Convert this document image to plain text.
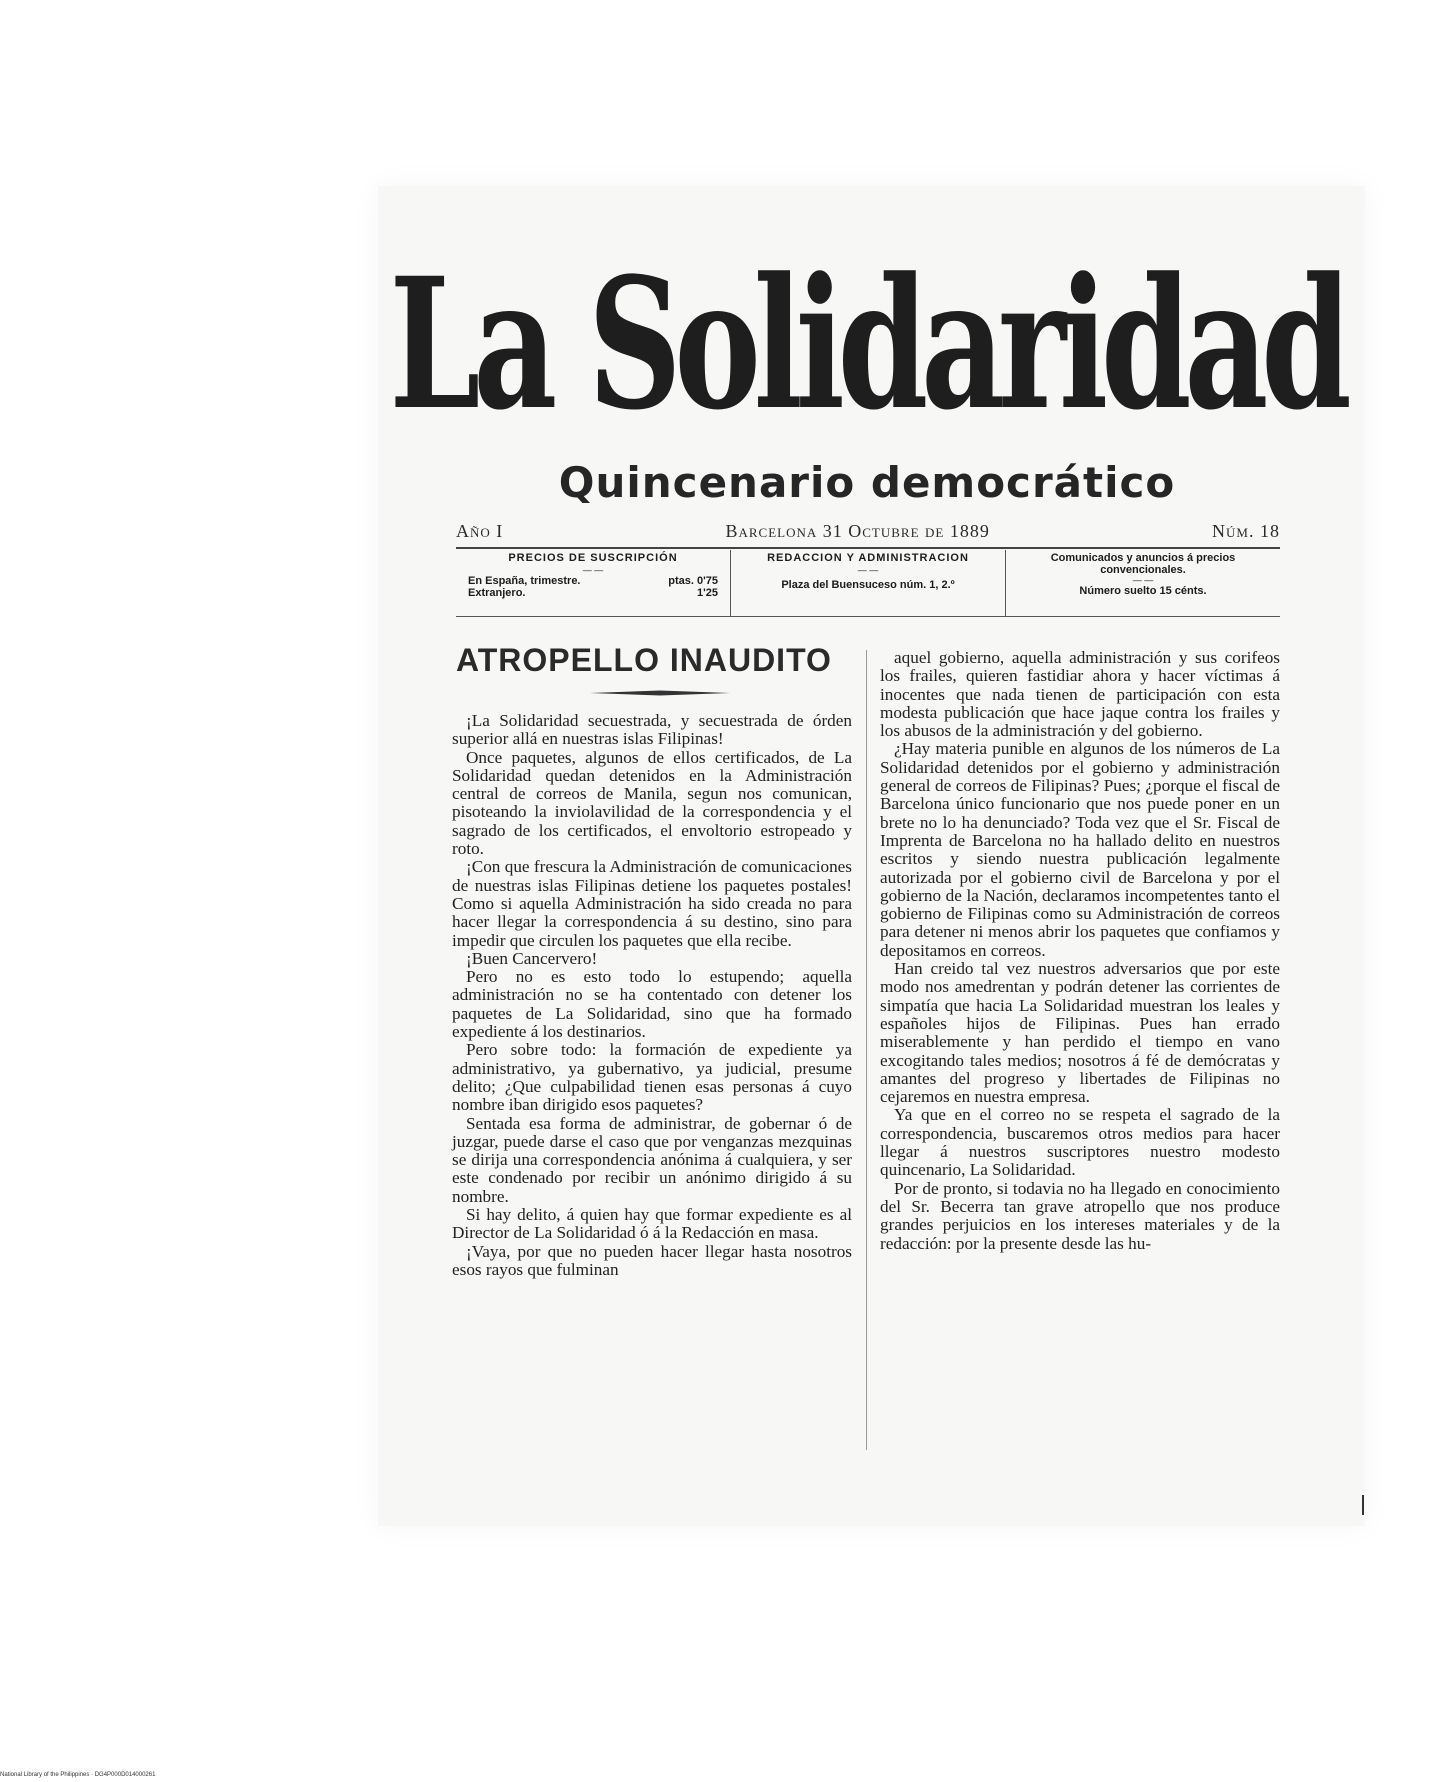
La Solidaridad
Quincenario democrático
Año I	Barcelona 31 Octubre de 1889	Núm. 18
PRECIOS DE SUSCRIPCIÓN
— —
En España, trimestre.	ptas. 0'75
Extranjero.	1'25
REDACCION Y ADMINISTRACION
— —
Plaza del Buensuceso núm. 1, 2.º
Comunicados y anuncios á precios convencionales.
— —
Número suelto 15 cénts.
ATROPELLO INAUDITO

¡La Solidaridad secuestrada, y secuestrada de órden superior allá en nuestras islas Filipinas!

Once paquetes, algunos de ellos certificados, de La Solidaridad quedan detenidos en la Administración central de correos de Manila, segun nos comunican, pisoteando la inviolavilidad de la correspondencia y el sagrado de los certificados, el envoltorio estropeado y roto.

¡Con que frescura la Administración de comunicaciones de nuestras islas Filipinas detiene los paquetes postales! Como si aquella Administración ha sido creada no para hacer llegar la correspondencia á su destino, sino para impedir que circulen los paquetes que ella recibe.

¡Buen Cancervero!

Pero no es esto todo lo estupendo; aquella administración no se ha contentado con detener los paquetes de La Solidaridad, sino que ha formado expediente á los destinarios.

Pero sobre todo: la formación de expediente ya administrativo, ya gubernativo, ya judicial, presume delito; ¿Que culpabilidad tienen esas personas á cuyo nombre iban dirigido esos paquetes?

Sentada esa forma de administrar, de gobernar ó de juzgar, puede darse el caso que por venganzas mezquinas se dirija una correspondencia anónima á cualquiera, y ser este condenado por recibir un anónimo dirigido á su nombre.

Si hay delito, á quien hay que formar expediente es al Director de La Solidaridad ó á la Redacción en masa.

¡Vaya, por que no pueden hacer llegar hasta nosotros esos rayos que fulminan

aquel gobierno, aquella administración y sus corifeos los frailes, quieren fastidiar ahora y hacer víctimas á inocentes que nada tienen de participación con esta modesta publicación que hace jaque contra los frailes y los abusos de la administración y del gobierno.

¿Hay materia punible en algunos de los números de La Solidaridad detenidos por el gobierno y administración general de correos de Filipinas? Pues; ¿porque el fiscal de Barcelona único funcionario que nos puede poner en un brete no lo ha denunciado? Toda vez que el Sr. Fiscal de Imprenta de Barcelona no ha hallado delito en nuestros escritos y siendo nuestra publicación legalmente autorizada por el gobierno civil de Barcelona y por el gobierno de la Nación, declaramos incompetentes tanto el gobierno de Filipinas como su Administración de correos para detener ni menos abrir los paquetes que confiamos y depositamos en correos.

Han creido tal vez nuestros adversarios que por este modo nos amedrentan y podrán detener las corrientes de simpatía que hacia La Solidaridad muestran los leales y españoles hijos de Filipinas. Pues han errado miserablemente y han perdido el tiempo en vano excogitando tales medios; nosotros á fé de demócratas y amantes del progreso y libertades de Filipinas no cejaremos en nuestra empresa.

Ya que en el correo no se respeta el sagrado de la correspondencia, buscaremos otros medios para hacer llegar á nuestros suscriptores nuestro modesto quincenario, La Solidaridad.

Por de pronto, si todavia no ha llegado en conocimiento del Sr. Becerra tan grave atropello que nos produce grandes perjuicios en los intereses materiales y de la redacción: por la presente desde las hu-

National Library of the Philippines · DG4P000D014000261
